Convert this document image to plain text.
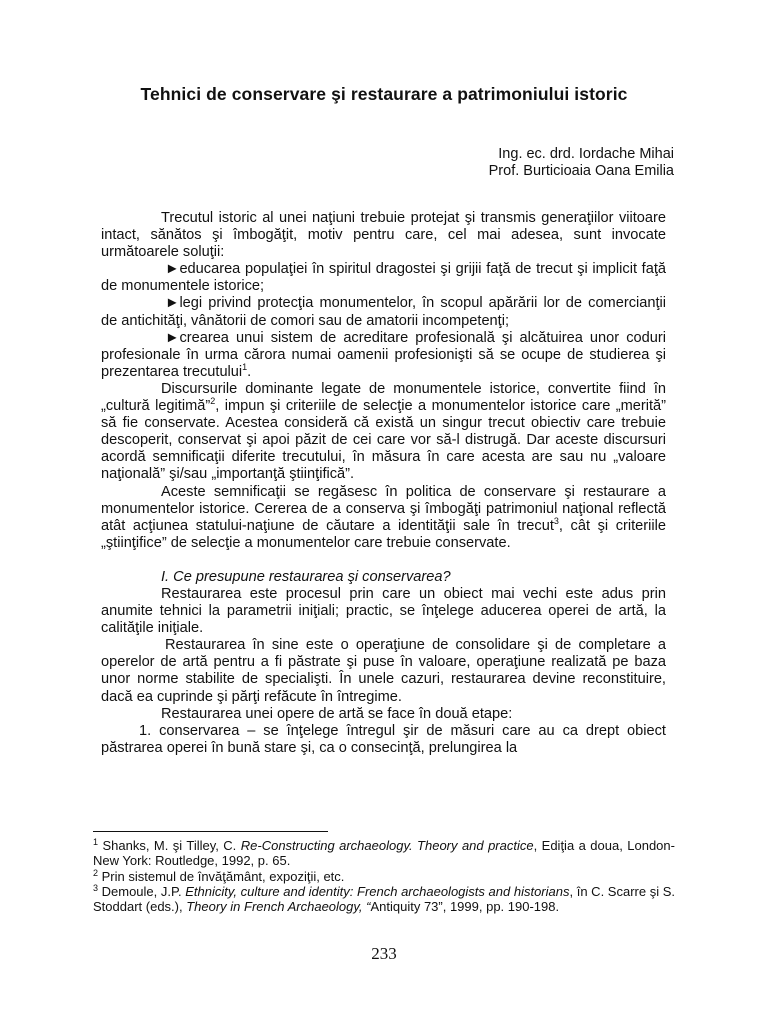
Tehnici de conservare şi restaurare a patrimoniului istoric
Ing. ec. drd. Iordache Mihai
Prof. Burticioaia Oana Emilia

Trecutul istoric al unei naţiuni trebuie protejat şi transmis generaţiilor viitoare intact, sănătos şi îmbogăţit, motiv pentru care, cel mai adesea, sunt invocate următoarele soluţii:

►educarea populaţiei în spiritul dragostei şi grijii faţă de trecut şi implicit faţă de monumentele istorice;

►legi privind protecţia monumentelor, în scopul apărării lor de comercianţii de antichităţi, vânătorii de comori sau de amatorii incompetenţi;

►crearea unui sistem de acreditare profesională şi alcătuirea unor coduri profesionale în urma cărora numai oamenii profesionişti să se ocupe de studierea şi prezentarea trecutului$^1$.

Discursurile dominante legate de monumentele istorice, convertite fiind în „cultură legitimă”$^2$, impun şi criteriile de selecţie a monumentelor istorice care „merită” să fie conservate. Acestea consideră că există un singur trecut obiectiv care trebuie descoperit, conservat şi apoi păzit de cei care vor să-l distrugă. Dar aceste discursuri acordă semnificaţii diferite trecutului, în măsura în care acesta are sau nu „valoare naţională” şi/sau „importanţă ştiinţifică”.

Aceste semnificaţii se regăsesc în politica de conservare şi restaurare a monumentelor istorice. Cererea de a conserva şi îmbogăţi patrimoniul naţional reflectă atât acţiunea statului-naţiune de căutare a identităţii sale în trecut$^3$, cât şi criteriile „ştiinţifice” de selecţie a monumentelor care trebuie conservate.

I. Ce presupune restaurarea şi conservarea?

Restaurarea este procesul prin care un obiect mai vechi este adus prin anumite tehnici la parametrii iniţiali; practic, se înţelege aducerea operei de artă, la calităţile iniţiale.

Restaurarea în sine este o operaţiune de consolidare şi de completare a operelor de artă pentru a fi păstrate şi puse în valoare, operaţiune realizată pe baza unor norme stabilite de specialişti. În unele cazuri, restaurarea devine reconstituire, dacă ea cuprinde şi părţi refăcute în întregime.

Restaurarea unei opere de artă se face în două etape:

1. conservarea – se înţelege întregul şir de măsuri care au ca drept obiect păstrarea operei în bună stare şi, ca o consecinţă, prelungirea la

$^1$ Shanks, M. şi Tilley, C. Re-Constructing archaeology. Theory and practice, Ediţia a doua, London-New York: Routledge, 1992, p. 65.

$^2$ Prin sistemul de învăţământ, expoziţii, etc.

$^3$ Demoule, J.P. Ethnicity, culture and identity: French archaeologists and historians, în C. Scarre şi S. Stoddart (eds.), Theory in French Archaeology, “Antiquity 73”, 1999, pp. 190-198.

233
